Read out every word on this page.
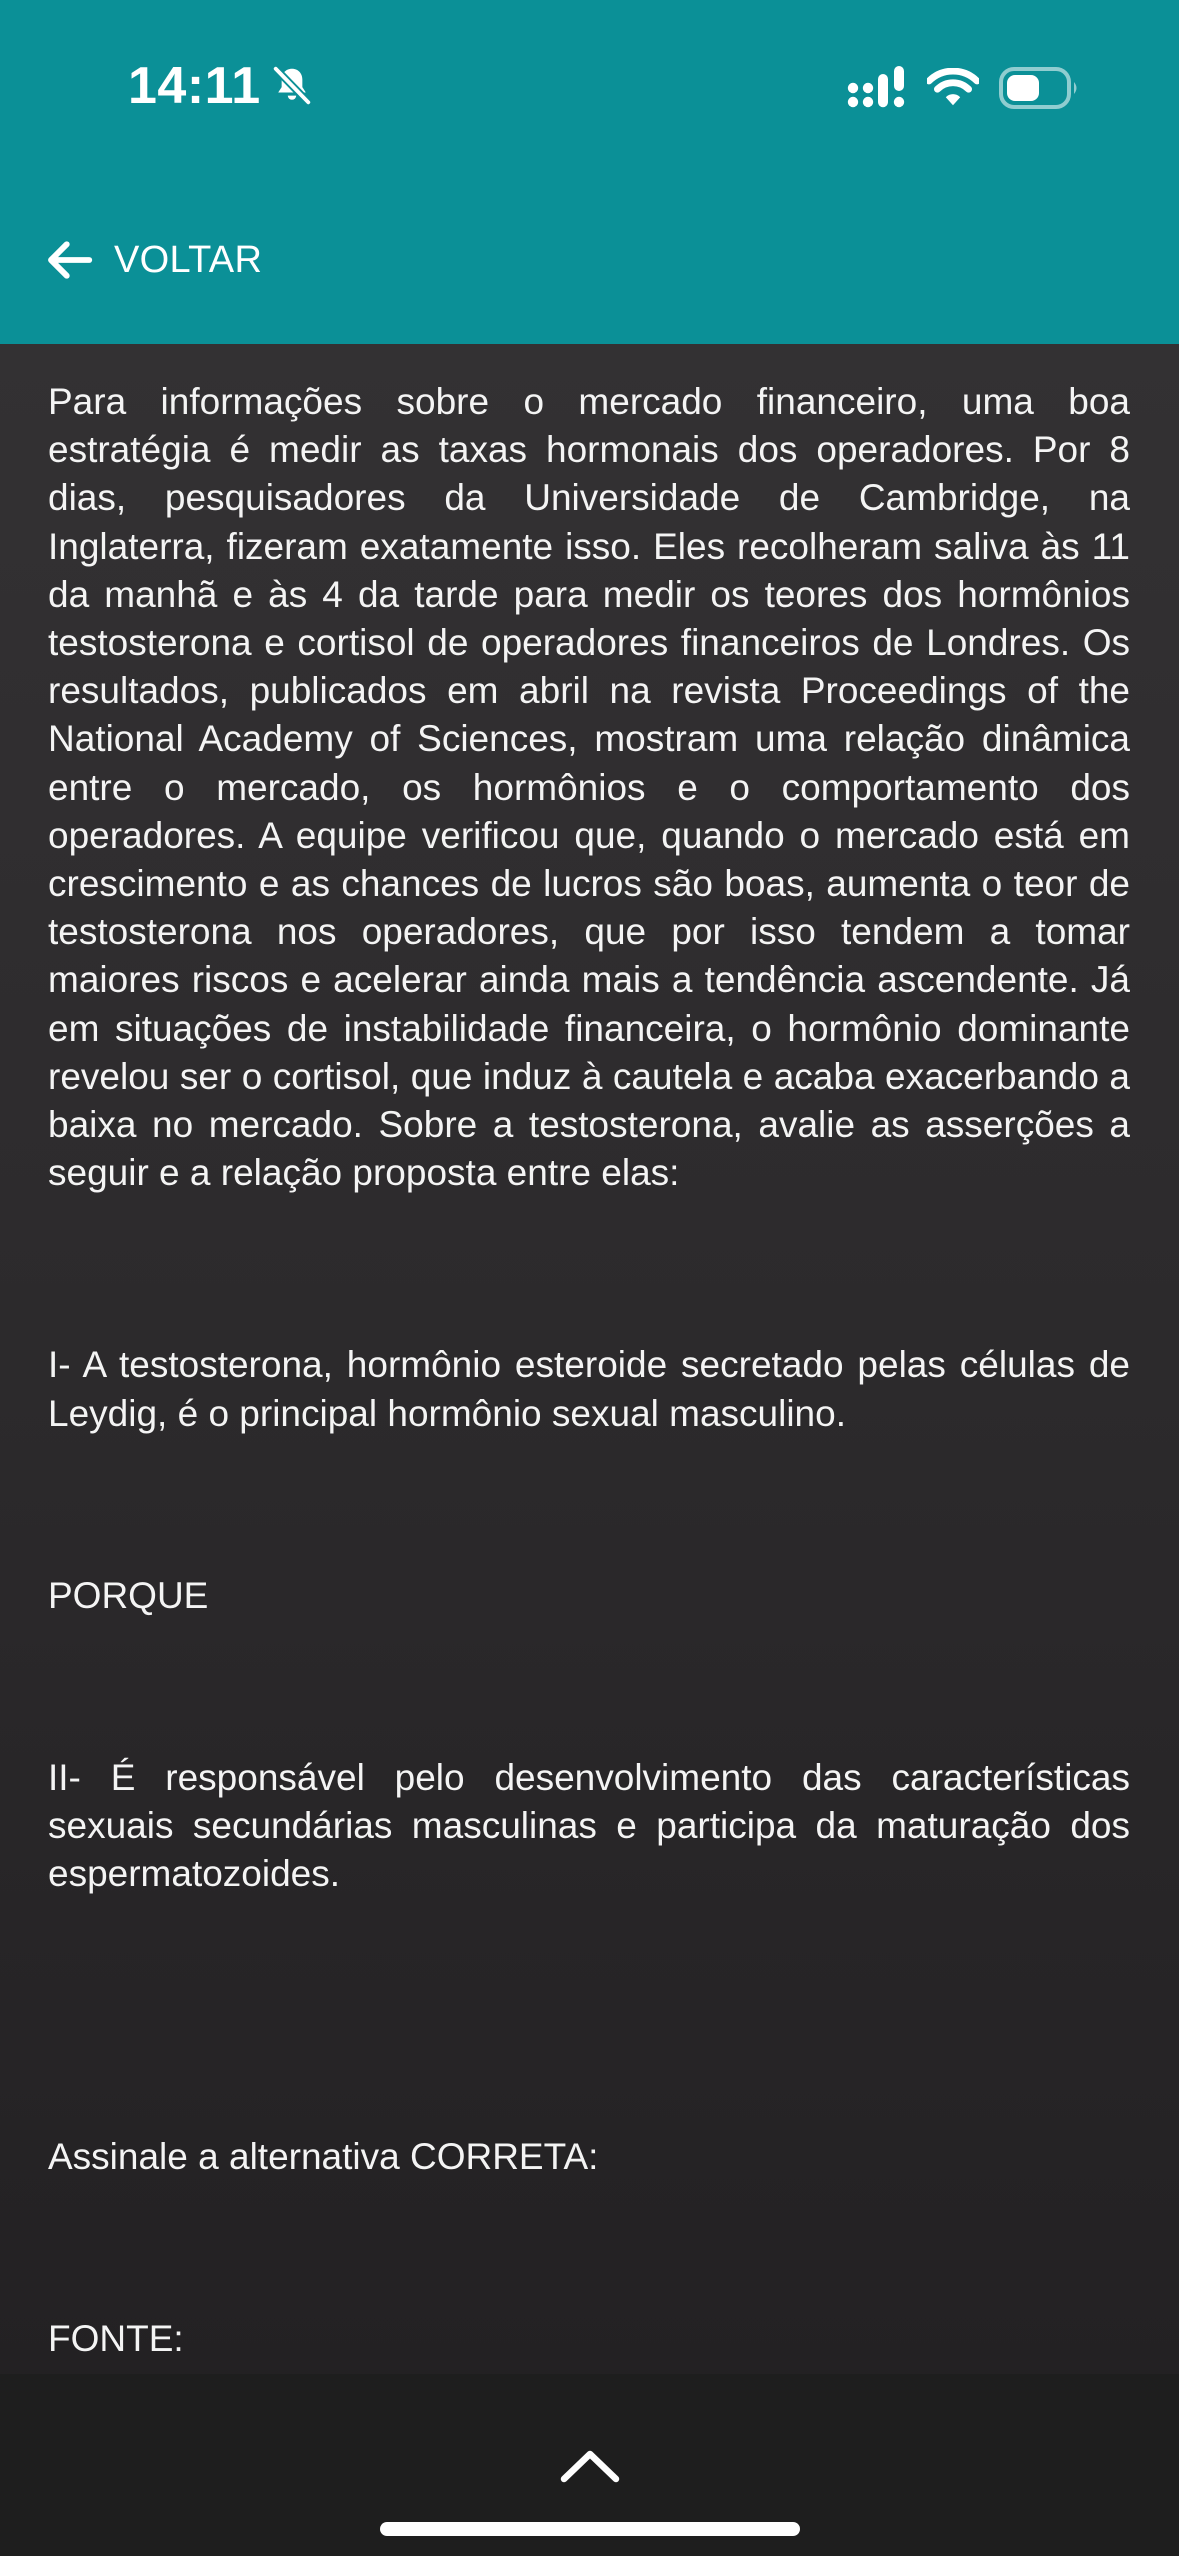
14:11
VOLTAR

Para informações sobre o mercado financeiro, uma boa estratégia é medir as taxas hormonais dos operadores. Por 8 dias, pesquisadores da Universidade de Cambridge, na Inglaterra, fizeram exatamente isso. Eles recolheram saliva às 11 da manhã e às 4 da tarde para medir os teores dos hormônios testosterona e cortisol de operadores financeiros de Londres. Os resultados, publicados em abril na revista Proceedings of the National Academy of Sciences, mostram uma relação dinâmica entre o mercado, os hormônios e o comportamento dos operadores. A equipe verificou que, quando o mercado está em crescimento e as chances de lucros são boas, aumenta o teor de testosterona nos operadores, que por isso tendem a tomar maiores riscos e acelerar ainda mais a tendência ascendente. Já em situações de instabilidade financeira, o hormônio dominante revelou ser o cortisol, que induz à cautela e acaba exacerbando a baixa no mercado. Sobre a testosterona, avalie as asserções a seguir e a relação proposta entre elas:

I- A testosterona, hormônio esteroide secretado pelas células de Leydig, é o principal hormônio sexual masculino.

PORQUE

II- É responsável pelo desenvolvimento das características sexuais secundárias masculinas e participa da maturação dos espermatozoides.

Assinale a alternativa CORRETA:

FONTE:
